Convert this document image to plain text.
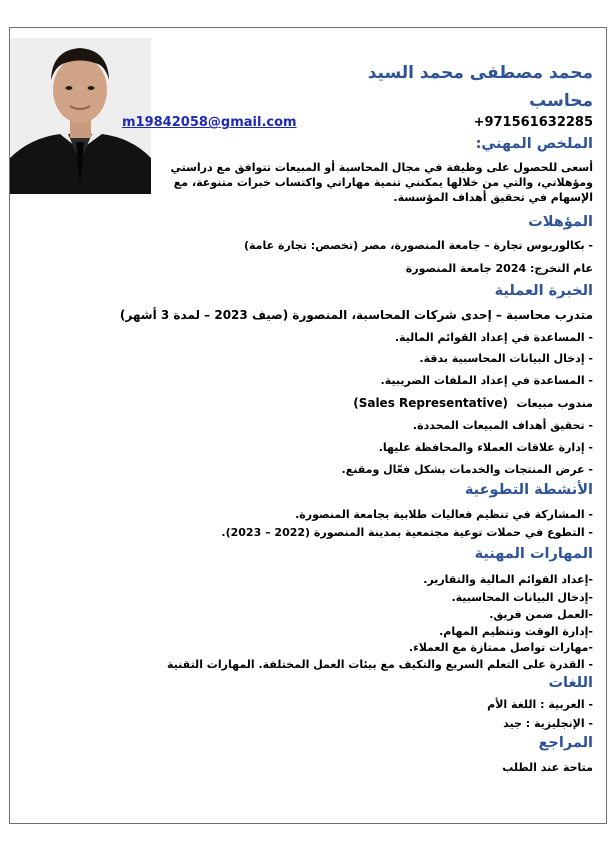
محمد مصطفى محمد السيد
محاسب
+971561632285
m19842058@gmail.com
الملخص المهني:
أسعى للحصول على وظيفة في مجال المحاسبة أو المبيعات تتوافق مع دراستي ومؤهلاتي، والتي من خلالها يمكنني تنمية مهاراتي واكتساب خبرات متنوعة، مع الإسهام في تحقيق أهداف المؤسسة.
المؤهلات
- بكالوريوس تجارة – جامعة المنصورة، مصر (تخصص: تجارة عامة)
عام التخرج: 2024 جامعة المنصورة
الخبرة العملية
متدرب محاسبة – إحدى شركات المحاسبة، المنصورة (صيف 2023 – لمدة 3 أشهر)
- المساعدة في إعداد القوائم المالية.
- إدخال البيانات المحاسبية بدقة.
- المساعدة في إعداد الملفات الضريبية.
مندوب مبيعات
(Sales Representative)
- تحقيق أهداف المبيعات المحددة.
- إدارة علاقات العملاء والمحافظة عليها.
- عرض المنتجات والخدمات بشكل فعّال ومقنع.
الأنشطة التطوعية
- المشاركة في تنظيم فعاليات طلابية بجامعة المنصورة.
- التطوع في حملات توعية مجتمعية بمدينة المنصورة (2022 – 2023).
المهارات المهنية
-إعداد القوائم المالية والتقارير.
-إدخال البيانات المحاسبية.
-العمل ضمن فريق.
-إدارة الوقت وتنظيم المهام.
-مهارات تواصل ممتازة مع العملاء.
- القدرة على التعلم السريع والتكيف مع بيئات العمل المختلفة. المهارات التقنية
اللغات
- العربية : اللغة الأم
- الإنجليزية : جيد
المراجع
متاحة عند الطلب
